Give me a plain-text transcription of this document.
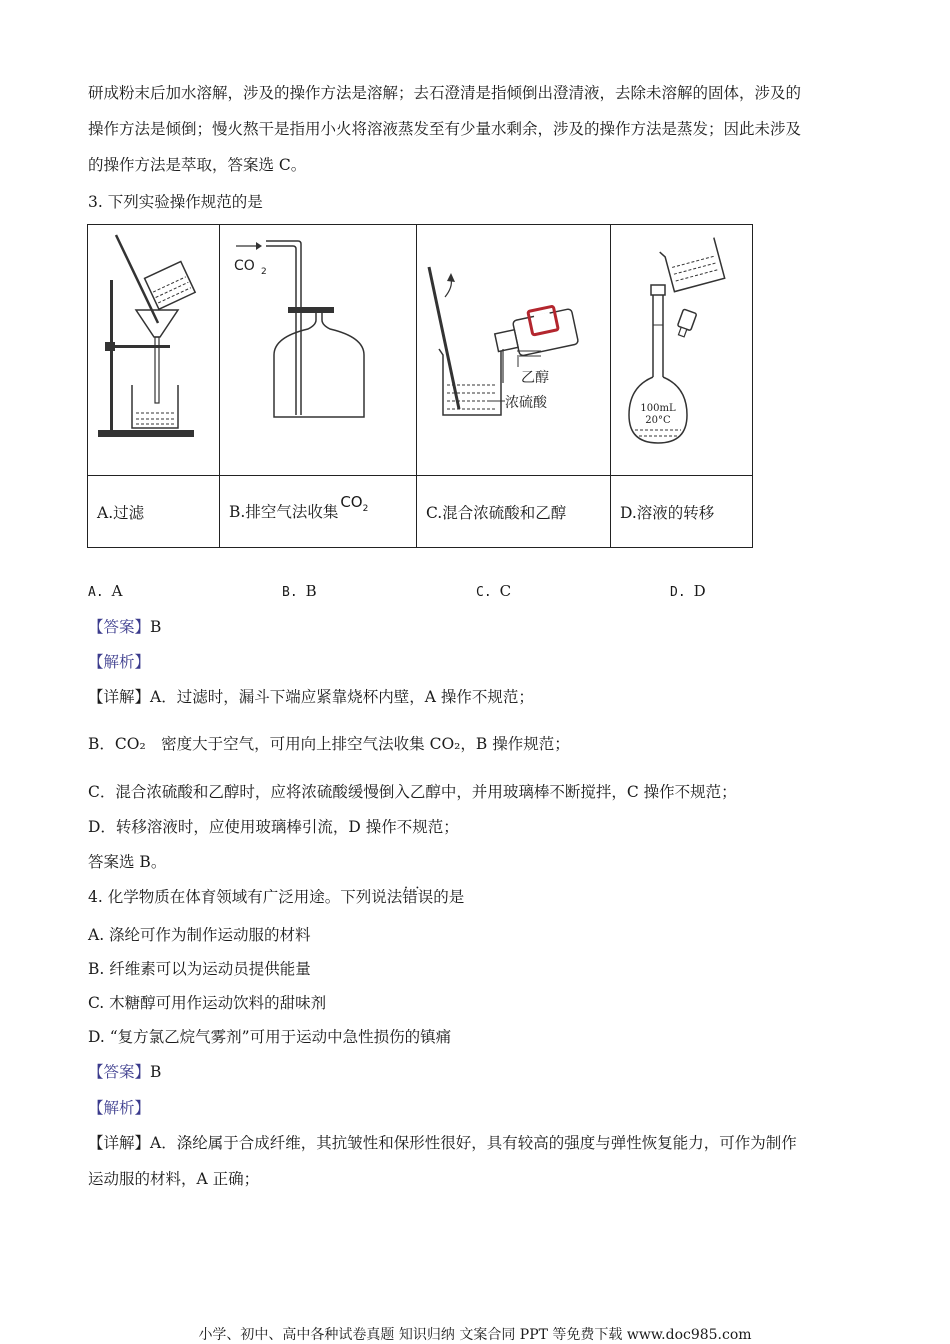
研成粉末后加水溶解，涉及的操作方法是溶解；去石澄清是指倾倒出澄清液，去除未溶解的固体，涉及的
操作方法是倾倒；慢火熬干是指用小火将溶液蒸发至有少量水剩余，涉及的操作方法是蒸发；因此未涉及
的操作方法是萃取，答案选 C。
3. 下列实验操作规范的是

CO 2	乙醇
浓硫酸	100mL
20°C

A.过滤	B.排空气法收集$CO_2$	C.混合浓硫酸和乙醇	D.溶液的转移
A. A	B. B	C. C	D. D
【答案】B
【解析】
【详解】A．过滤时，漏斗下端应紧靠烧杯内壁，A 操作不规范；
B．CO₂　密度大于空气，可用向上排空气法收集 CO₂，B 操作规范；
C．混合浓硫酸和乙醇时，应将浓硫酸缓慢倒入乙醇中，并用玻璃棒不断搅拌，C 操作不规范；
D．转移溶液时，应使用玻璃棒引流，D 操作不规范；
答案选 B。
4. 化学物质在体育领域有广泛用途。下列说法• • 错误的是
A. 涤纶可作为制作运动服的材料
B. 纤维素可以为运动员提供能量
C. 木糖醇可用作运动饮料的甜味剂
D. “复方氯乙烷气雾剂”可用于运动中急性损伤的镇痛
【答案】B
【解析】
【详解】A．涤纶属于合成纤维，其抗皱性和保形性很好，具有较高的强度与弹性恢复能力，可作为制作
运动服的材料，A 正确；
小学、初中、高中各种试卷真题 知识归纳 文案合同 PPT 等免费下载 www.doc985.com
